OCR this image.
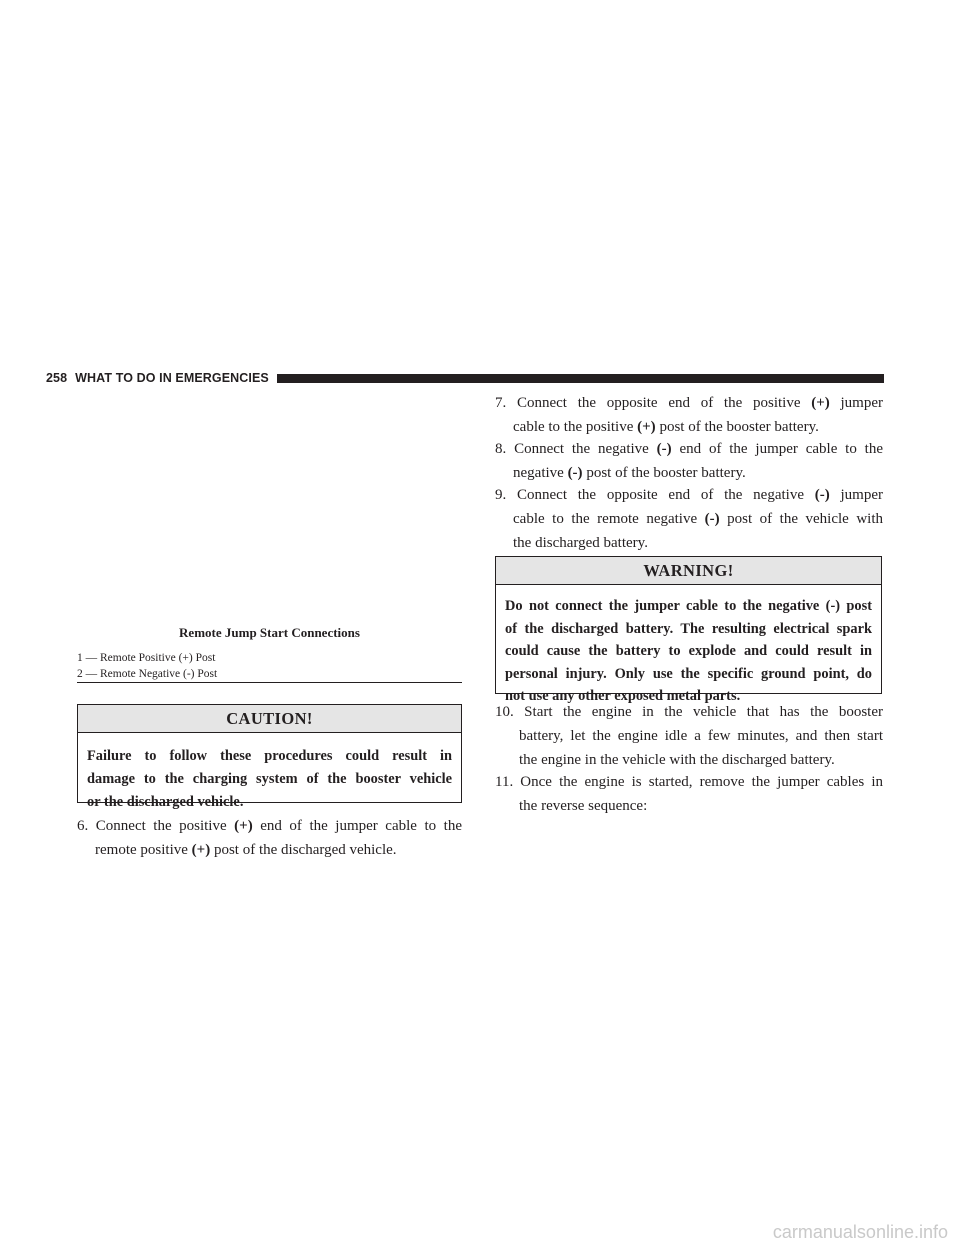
258 WHAT TO DO IN EMERGENCIES
Remote Jump Start Connections
1 — Remote Positive (+) Post
2 — Remote Negative (-) Post
CAUTION!
Failure to follow these procedures could result in
damage to the charging system of the booster vehicle
or the discharged vehicle.
6. Connect the positive (+) end of the jumper cable to the
remote positive (+) post of the discharged vehicle.
7. Connect the opposite end of the positive (+) jumper
cable to the positive (+) post of the booster battery.
8. Connect the negative (-) end of the jumper cable to the
negative (-) post of the booster battery.
9. Connect the opposite end of the negative (-) jumper
cable to the remote negative (-) post of the vehicle with
the discharged battery.
WARNING!
Do not connect the jumper cable to the negative (-) post
of the discharged battery. The resulting electrical spark
could cause the battery to explode and could result in
personal injury. Only use the specific ground point, do
not use any other exposed metal parts.
10. Start the engine in the vehicle that has the booster
battery, let the engine idle a few minutes, and then start
the engine in the vehicle with the discharged battery.
11. Once the engine is started, remove the jumper cables in
the reverse sequence:
carmanualsonline.info
